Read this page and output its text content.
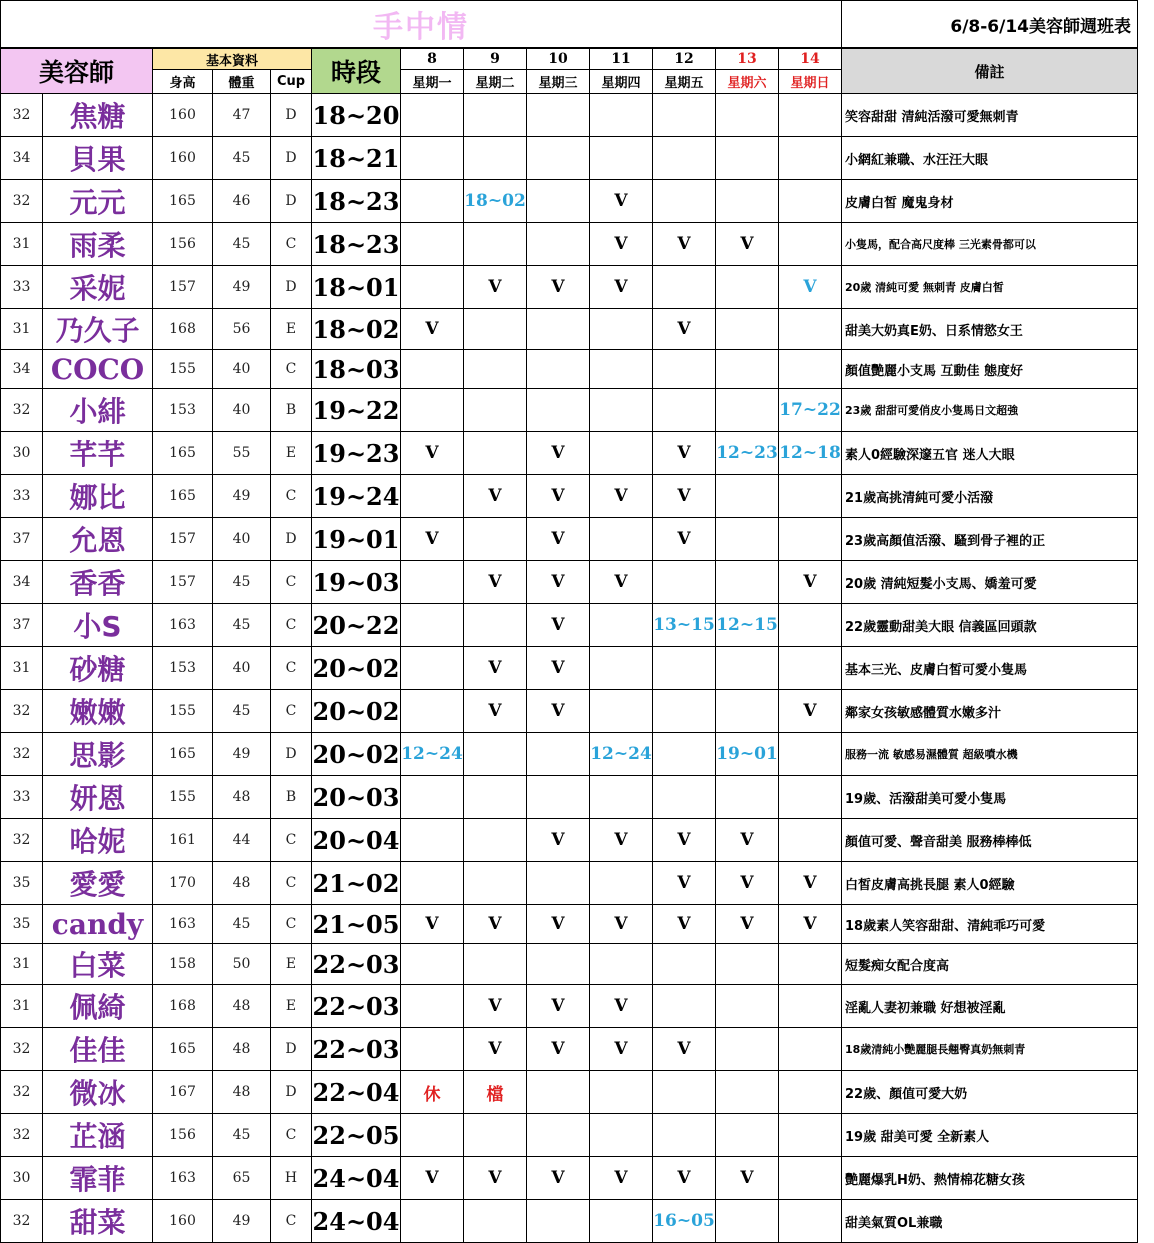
手中情													6/8-6/14美容師週班表
美容師		基本資料			時段	8	9	10	11	12	13	14	備註
		身高	體重	Cup		星期一	星期二	星期三	星期四	星期五	星期六	星期日	
32	焦糖	160	47	D	18~20								笑容甜甜 清純活潑可愛無刺青
34	貝果	160	45	D	18~21								小網紅兼職、水汪汪大眼
32	元元	165	46	D	18~23		18~02		V				皮膚白皙 魔鬼身材
31	雨柔	156	45	C	18~23				V	V	V		小隻馬，配合高尺度棒 三光素骨都可以
33	采妮	157	49	D	18~01		V	V	V			V	20歲 清純可愛 無刺青 皮膚白皙
31	乃久子	168	56	E	18~02	V				V			甜美大奶真E奶、日系情慾女王
34	COCO	155	40	C	18~03								顏值艷麗小支馬 互動佳 態度好
32	小緋	153	40	B	19~22							17~22	23歲 甜甜可愛俏皮小隻馬日文超強
30	芊芊	165	55	E	19~23	V		V		V	12~23	12~18	素人0經驗深邃五官 迷人大眼
33	娜比	165	49	C	19~24		V	V	V	V			21歲高挑清純可愛小活潑
37	允恩	157	40	D	19~01	V		V		V			23歲高顏值活潑、騷到骨子裡的正
34	香香	157	45	C	19~03		V	V	V			V	20歲 清純短髮小支馬、嬌羞可愛
37	小S	163	45	C	20~22			V		13~15	12~15		22歲靈動甜美大眼 信義區回頭款
31	砂糖	153	40	C	20~02		V	V					基本三光、皮膚白皙可愛小隻馬
32	嫩嫩	155	45	C	20~02		V	V				V	鄰家女孩敏感體質水嫩多汁
32	思影	165	49	D	20~02	12~24			12~24		19~01		服務一流 敏感易濕體質 超級噴水機
33	妍恩	155	48	B	20~03								19歲、活潑甜美可愛小隻馬
32	哈妮	161	44	C	20~04			V	V	V	V		顏值可愛、聲音甜美 服務棒棒低
35	愛愛	170	48	C	21~02					V	V	V	白皙皮膚高挑長腿 素人0經驗
35	candy	163	45	C	21~05	V	V	V	V	V	V	V	18歲素人笑容甜甜、清純乖巧可愛
31	白菜	158	50	E	22~03								短髮痴女配合度高
31	佩綺	168	48	E	22~03		V	V	V				淫亂人妻初兼職 好想被淫亂
32	佳佳	165	48	D	22~03		V	V	V	V			18歲清純小艷麗腿長翹臀真奶無刺青
32	微冰	167	48	D	22~04	休	檔						22歲、顏值可愛大奶
32	芷涵	156	45	C	22~05								19歲 甜美可愛 全新素人
30	霏菲	163	65	H	24~04	V	V	V	V	V	V		艷麗爆乳H奶、熱情棉花糖女孩
32	甜菜	160	49	C	24~04					16~05			甜美氣質OL兼職
